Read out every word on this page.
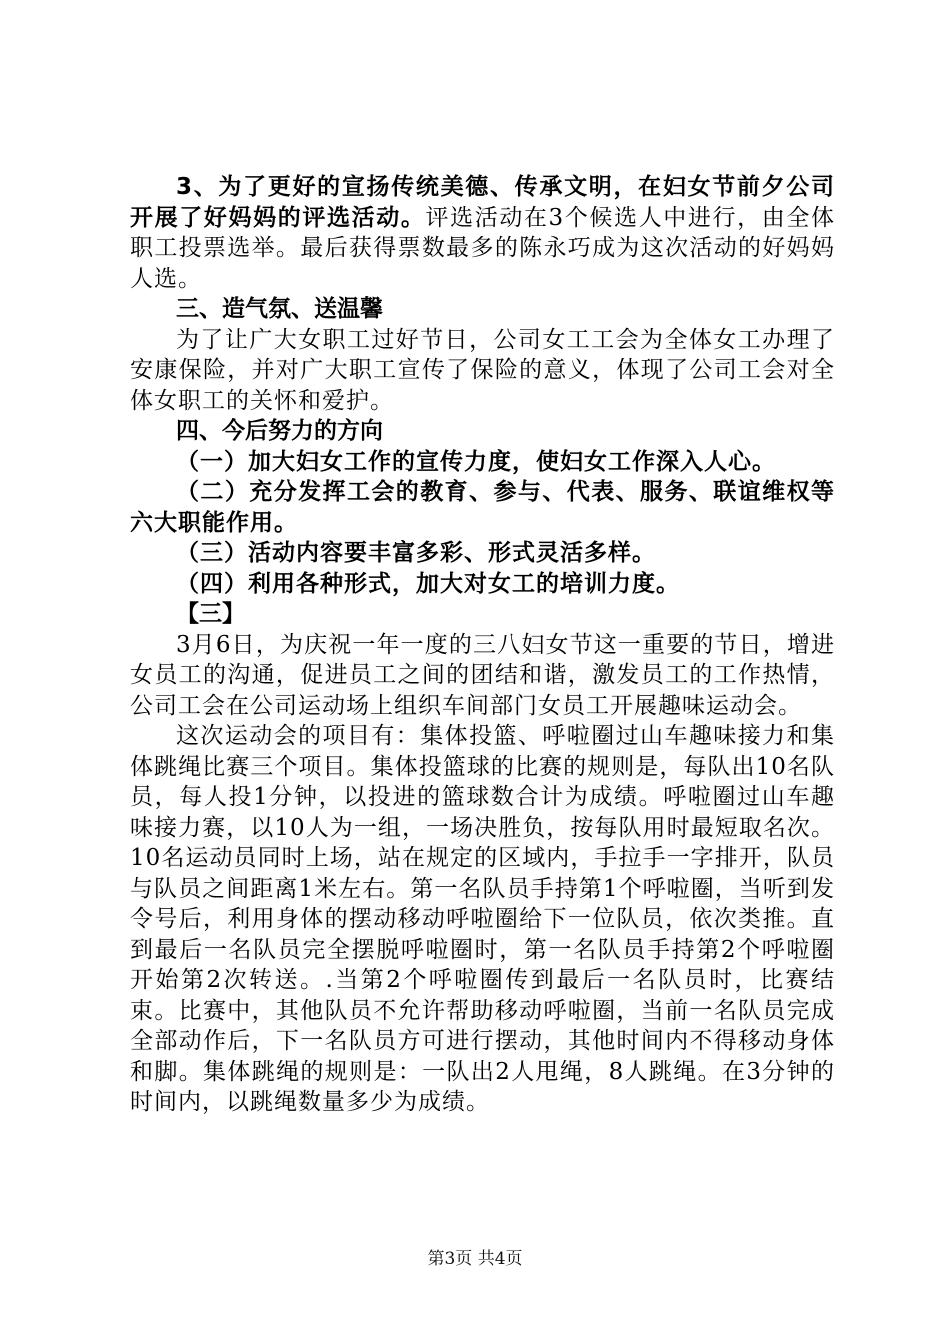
3、为了更好的宣扬传统美德、传承文明，在妇女节前夕公司开展了好妈妈的评选活动。评选活动在3个候选人中进行，由全体职工投票选举。最后获得票数最多的陈永巧成为这次活动的好妈妈人选。

三、造气氛、送温馨

为了让广大女职工过好节日，公司女工工会为全体女工办理了安康保险，并对广大职工宣传了保险的意义，体现了公司工会对全体女职工的关怀和爱护。

四、今后努力的方向

（一）加大妇女工作的宣传力度，使妇女工作深入人心。

（二）充分发挥工会的教育、参与、代表、服务、联谊维权等六大职能作用。

（三）活动内容要丰富多彩、形式灵活多样。

（四）利用各种形式，加大对女工的培训力度。

【三】

3月6日，为庆祝一年一度的三八妇女节这一重要的节日，增进女员工的沟通，促进员工之间的团结和谐，激发员工的工作热情，公司工会在公司运动场上组织车间部门女员工开展趣味运动会。

这次运动会的项目有：集体投篮、呼啦圈过山车趣味接力和集体跳绳比赛三个项目。集体投篮球的比赛的规则是，每队出10名队员，每人投1分钟，以投进的篮球数合计为成绩。呼啦圈过山车趣味接力赛，以10人为一组，一场决胜负，按每队用时最短取名次。10名运动员同时上场，站在规定的区域内，手拉手一字排开，队员与队员之间距离1米左右。第一名队员手持第1个呼啦圈，当听到发令号后，利用身体的摆动移动呼啦圈给下一位队员，依次类推。直到最后一名队员完全摆脱呼啦圈时，第一名队员手持第2个呼啦圈开始第2次转送。.当第2个呼啦圈传到最后一名队员时，比赛结束。比赛中，其他队员不允许帮助移动呼啦圈，当前一名队员完成全部动作后，下一名队员方可进行摆动，其他时间内不得移动身体和脚。集体跳绳的规则是：一队出2人甩绳，8人跳绳。在3分钟的时间内，以跳绳数量多少为成绩。

第3页 共4页
